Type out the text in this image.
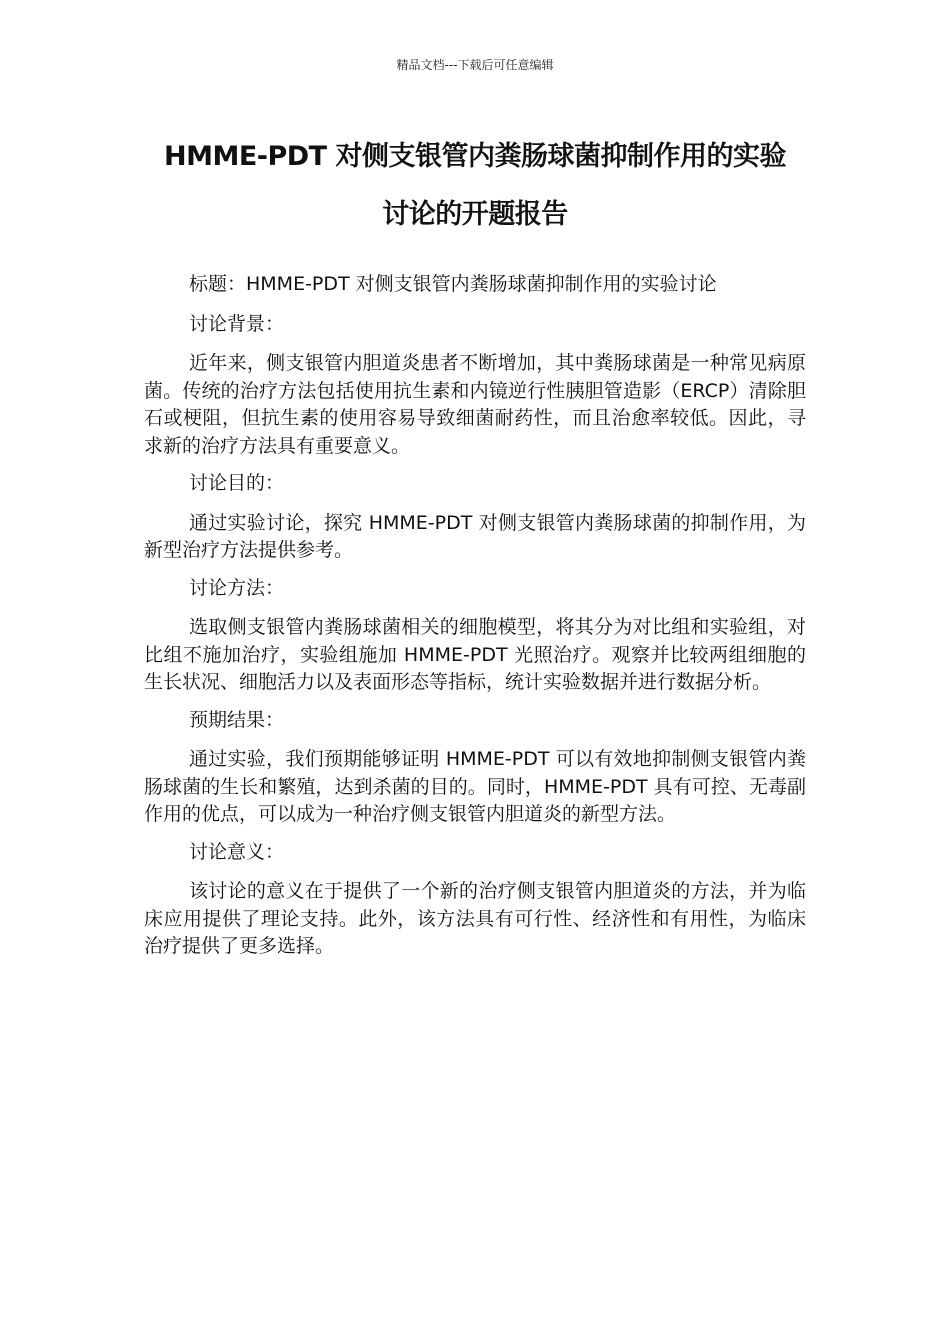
精品文档---下载后可任意编辑
HMME-PDT 对侧支银管内粪肠球菌抑制作用的实验
讨论的开题报告

标题：HMME-PDT 对侧支银管内粪肠球菌抑制作用的实验讨论

讨论背景：

近年来，侧支银管内胆道炎患者不断增加，其中粪肠球菌是一种常见病原菌。传统的治疗方法包括使用抗生素和内镜逆行性胰胆管造影（ERCP）清除胆石或梗阻，但抗生素的使用容易导致细菌耐药性，而且治愈率较低。因此，寻求新的治疗方法具有重要意义。

讨论目的：

通过实验讨论，探究 HMME-PDT 对侧支银管内粪肠球菌的抑制作用，为新型治疗方法提供参考。

讨论方法：

选取侧支银管内粪肠球菌相关的细胞模型，将其分为对比组和实验组，对比组不施加治疗，实验组施加 HMME-PDT 光照治疗。观察并比较两组细胞的生长状况、细胞活力以及表面形态等指标，统计实验数据并进行数据分析。

预期结果：

通过实验，我们预期能够证明 HMME-PDT 可以有效地抑制侧支银管内粪肠球菌的生长和繁殖，达到杀菌的目的。同时，HMME-PDT 具有可控、无毒副作用的优点，可以成为一种治疗侧支银管内胆道炎的新型方法。

讨论意义：

该讨论的意义在于提供了一个新的治疗侧支银管内胆道炎的方法，并为临床应用提供了理论支持。此外，该方法具有可行性、经济性和有用性，为临床治疗提供了更多选择。
